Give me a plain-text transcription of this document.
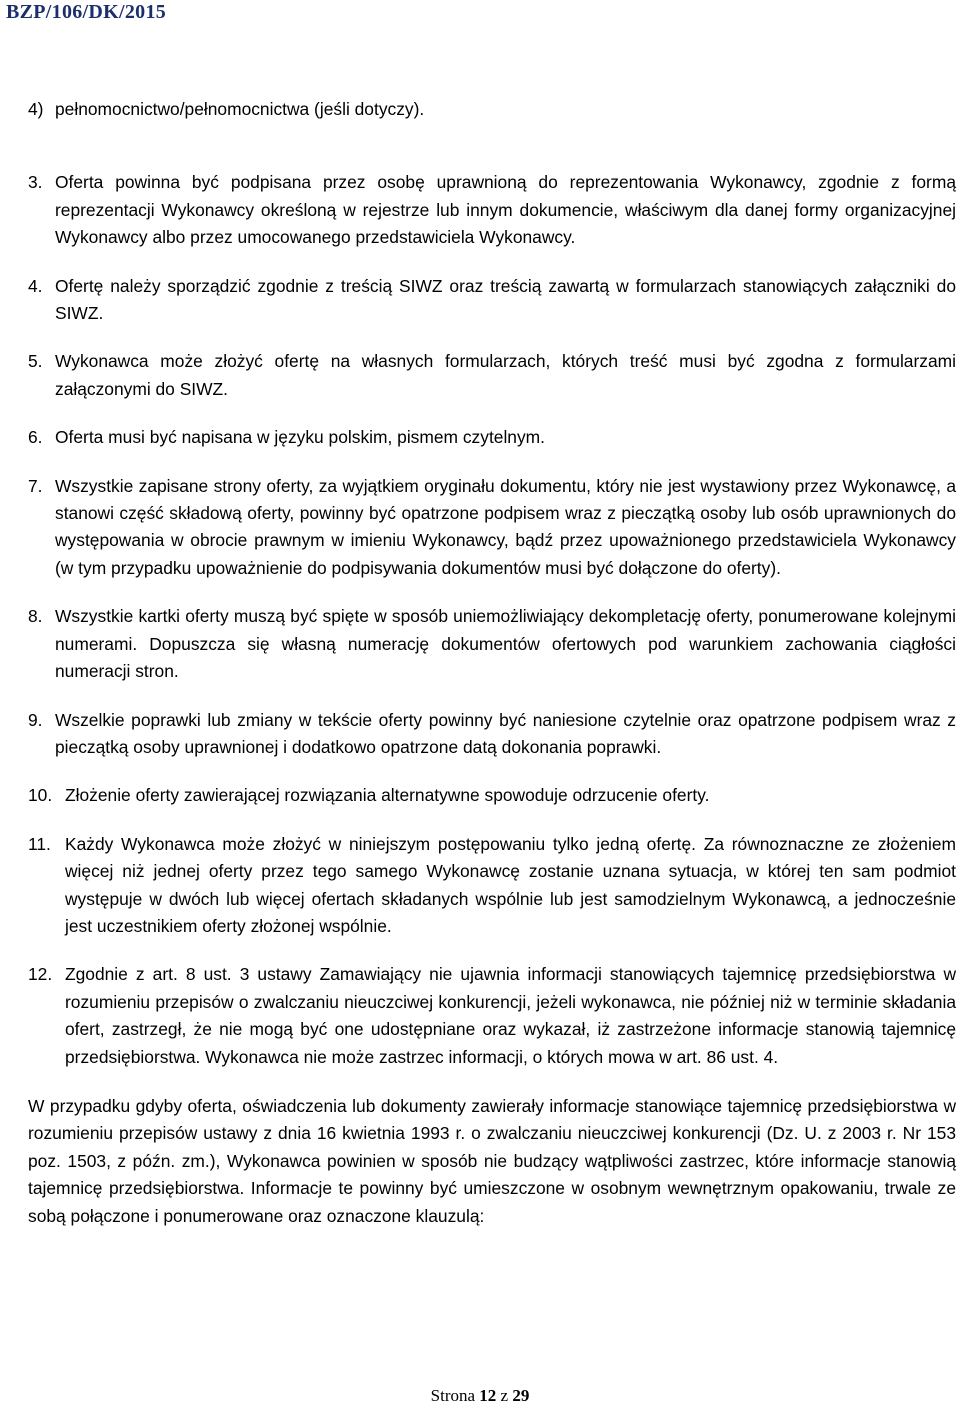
BZP/106/DK/2015

4) pełnomocnictwo/pełnomocnictwa (jeśli dotyczy).

3. Oferta powinna być podpisana przez osobę uprawnioną do reprezentowania Wykonawcy, zgodnie z formą reprezentacji Wykonawcy określoną w rejestrze lub innym dokumencie, właściwym dla danej formy organizacyjnej Wykonawcy albo przez umocowanego przedstawiciela Wykonawcy.

4. Ofertę należy sporządzić zgodnie z treścią SIWZ oraz treścią zawartą w formularzach stanowiących załączniki do SIWZ.

5. Wykonawca może złożyć ofertę na własnych formularzach, których treść musi być zgodna z formularzami załączonymi do SIWZ.

6. Oferta musi być napisana w języku polskim, pismem czytelnym.

7. Wszystkie zapisane strony oferty, za wyjątkiem oryginału dokumentu, który nie jest wystawiony przez Wykonawcę, a stanowi część składową oferty, powinny być opatrzone podpisem wraz z pieczątką osoby lub osób uprawnionych do występowania w obrocie prawnym w imieniu Wykonawcy, bądź przez upoważnionego przedstawiciela Wykonawcy (w tym przypadku upoważnienie do podpisywania dokumentów musi być dołączone do oferty).

8. Wszystkie kartki oferty muszą być spięte w sposób uniemożliwiający dekompletację oferty, ponumerowane kolejnymi numerami. Dopuszcza się własną numerację dokumentów ofertowych pod warunkiem zachowania ciągłości numeracji stron.

9. Wszelkie poprawki lub zmiany w tekście oferty powinny być naniesione czytelnie oraz opatrzone podpisem wraz z pieczątką osoby uprawnionej i dodatkowo opatrzone datą dokonania poprawki.

10. Złożenie oferty zawierającej rozwiązania alternatywne spowoduje odrzucenie oferty.

11. Każdy Wykonawca może złożyć w niniejszym postępowaniu tylko jedną ofertę. Za równoznaczne ze złożeniem więcej niż jednej oferty przez tego samego Wykonawcę zostanie uznana sytuacja, w której ten sam podmiot występuje w dwóch lub więcej ofertach składanych wspólnie lub jest samodzielnym Wykonawcą, a jednocześnie jest uczestnikiem oferty złożonej wspólnie.

12. Zgodnie z art. 8 ust. 3 ustawy Zamawiający nie ujawnia informacji stanowiących tajemnicę przedsiębiorstwa w rozumieniu przepisów o zwalczaniu nieuczciwej konkurencji, jeżeli wykonawca, nie później niż w terminie składania ofert, zastrzegł, że nie mogą być one udostępniane oraz wykazał, iż zastrzeżone informacje stanowią tajemnicę przedsiębiorstwa. Wykonawca nie może zastrzec informacji, o których mowa w art. 86 ust. 4.

W przypadku gdyby oferta, oświadczenia lub dokumenty zawierały informacje stanowiące tajemnicę przedsiębiorstwa w rozumieniu przepisów ustawy z dnia 16 kwietnia 1993 r. o zwalczaniu nieuczciwej konkurencji (Dz. U. z 2003 r. Nr 153 poz. 1503, z późn. zm.), Wykonawca powinien w sposób nie budzący wątpliwości zastrzec, które informacje stanowią tajemnicę przedsiębiorstwa. Informacje te powinny być umieszczone w osobnym wewnętrznym opakowaniu, trwale ze sobą połączone i ponumerowane oraz oznaczone klauzulą:

Strona 12 z 29
